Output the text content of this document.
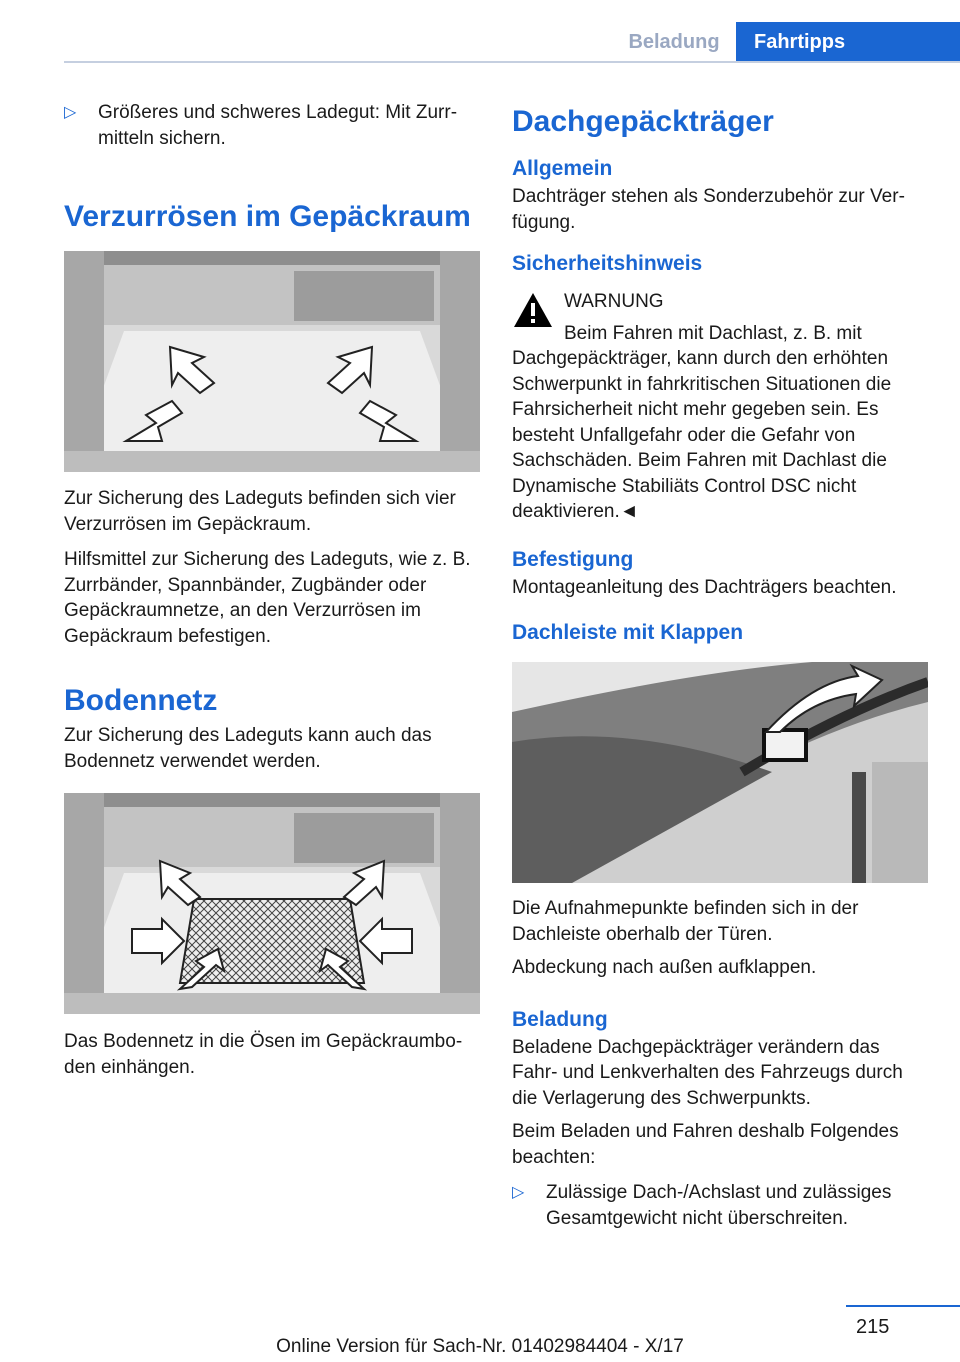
Beladung	Fahrtipps
▷ Größeres und schweres Ladegut: Mit Zurrmitteln sichern.
Verzurrösen im Gepäckraum

Zur Sicherung des Ladeguts befinden sich vier Verzurrösen im Gepäckraum.

Hilfsmittel zur Sicherung des Ladeguts, wie z. B. Zurrbänder, Spannbänder, Zugbänder oder Gepäckraumnetze, an den Verzurrösen im Gepäckraum befestigen.

Bodennetz

Zur Sicherung des Ladeguts kann auch das Bodennetz verwendet werden.

Das Bodennetz in die Ösen im Gepäckraumboden einhängen.

Dachgepäckträger
Allgemein

Dachträger stehen als Sonderzubehör zur Verfügung.

Sicherheitshinweis

WARNUNG

Beim Fahren mit Dachlast, z. B. mit Dachgepäckträger, kann durch den erhöhten Schwerpunkt in fahrkritischen Situationen die Fahrsicherheit nicht mehr gegeben sein. Es besteht Unfallgefahr oder die Gefahr von Sachschäden. Beim Fahren mit Dachlast die Dynamische Stabiliäts Control DSC nicht deaktivieren.◄

Befestigung

Montageanleitung des Dachträgers beachten.

Dachleiste mit Klappen

Die Aufnahmepunkte befinden sich in der Dachleiste oberhalb der Türen.

Abdeckung nach außen aufklappen.

Beladung

Beladene Dachgepäckträger verändern das Fahr- und Lenkverhalten des Fahrzeugs durch die Verlagerung des Schwerpunkts.

Beim Beladen und Fahren deshalb Folgendes beachten:

▷ Zulässige Dach-/Achslast und zulässiges Gesamtgewicht nicht überschreiten.
215
Online Version für Sach-Nr. 01402984404 - X/17
